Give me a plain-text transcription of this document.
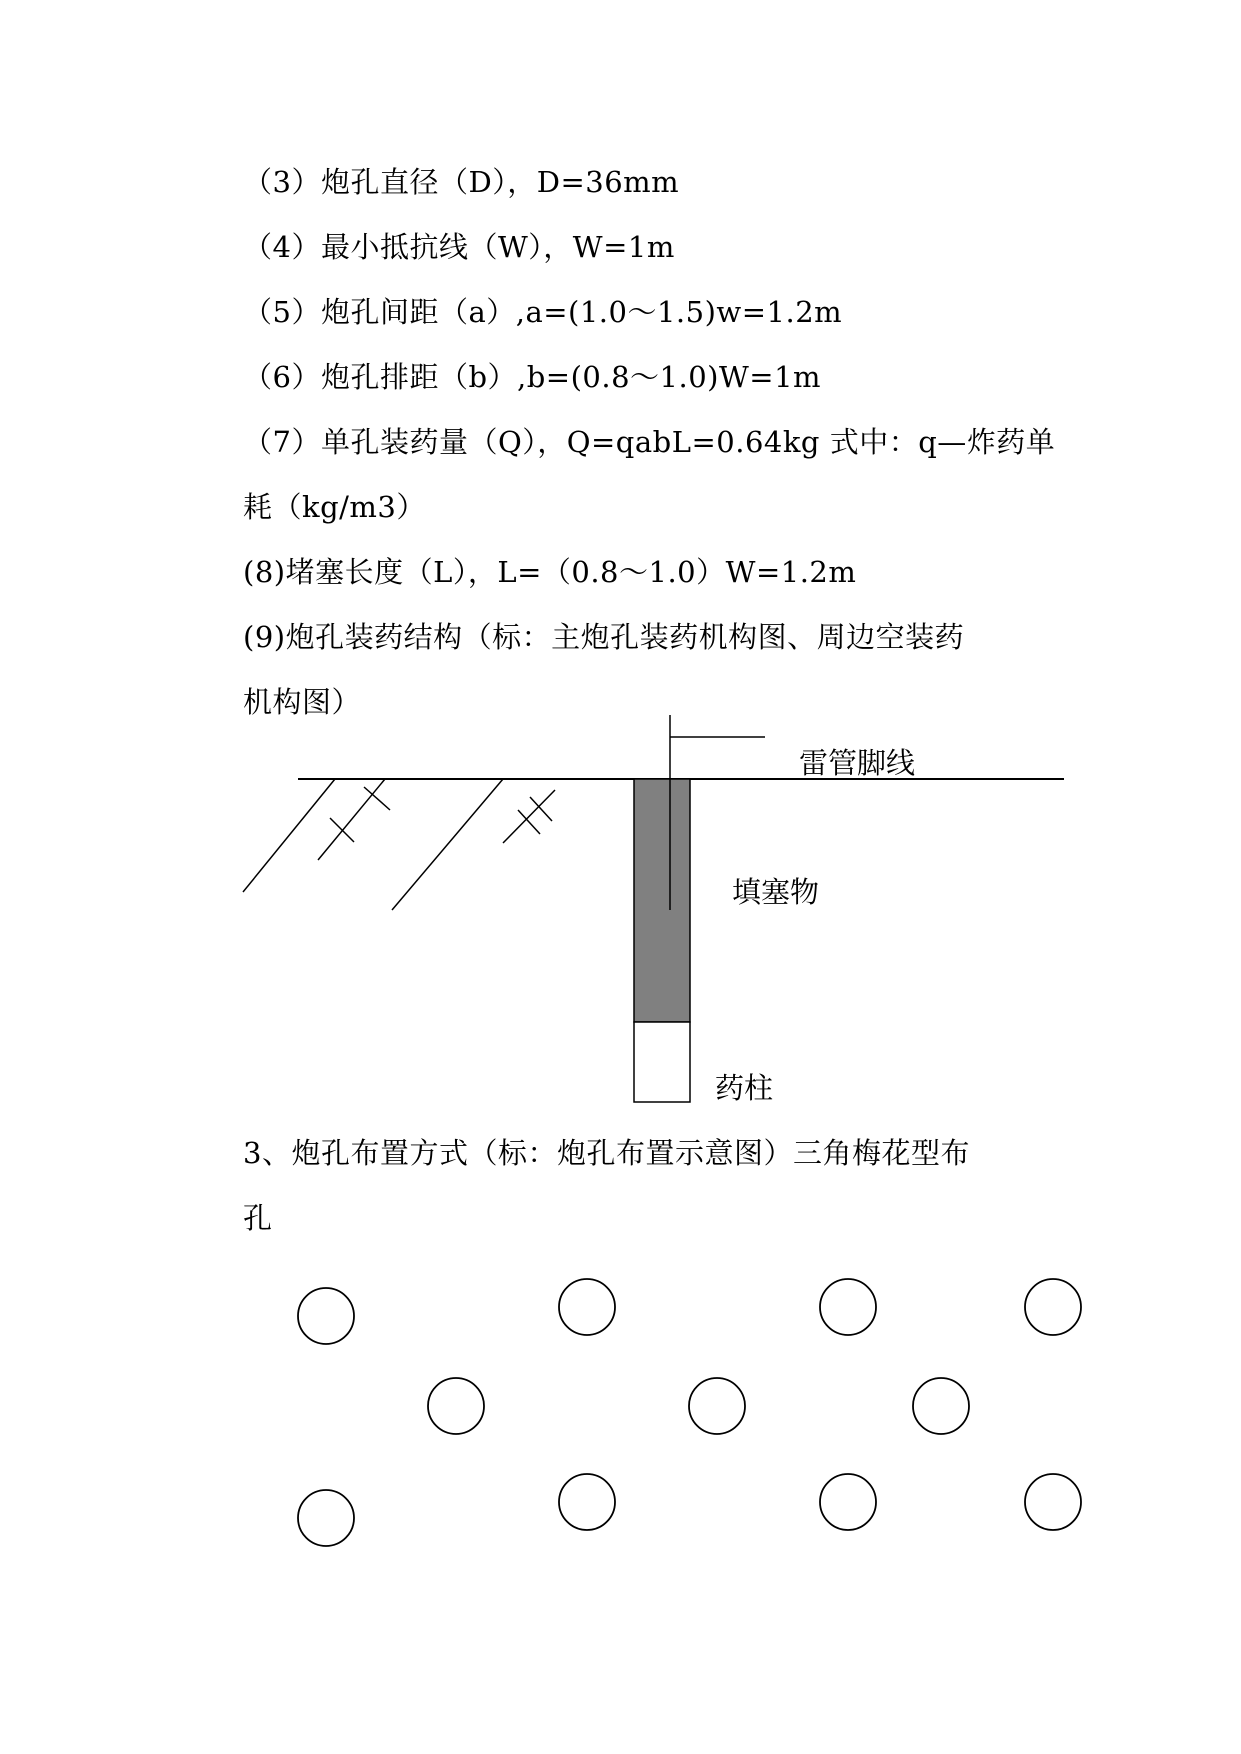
（3）炮孔直径（D），D=36mm
（4）最小抵抗线（W），W=1m
（5）炮孔间距（a）,a=(1.0～1.5)w=1.2m
（6）炮孔排距（b）,b=(0.8～1.0)W=1m
（7）单孔装药量（Q），Q=qabL=0.64kg 式中：q—炸药单
耗（kg/m3）
(8)堵塞长度（L），L=（0.8～1.0）W=1.2m
(9)炮孔装药结构（标：主炮孔装药机构图、周边空装药
机构图）
雷管脚线
填塞物
药柱
3、炮孔布置方式（标：炮孔布置示意图）三角梅花型布
孔
